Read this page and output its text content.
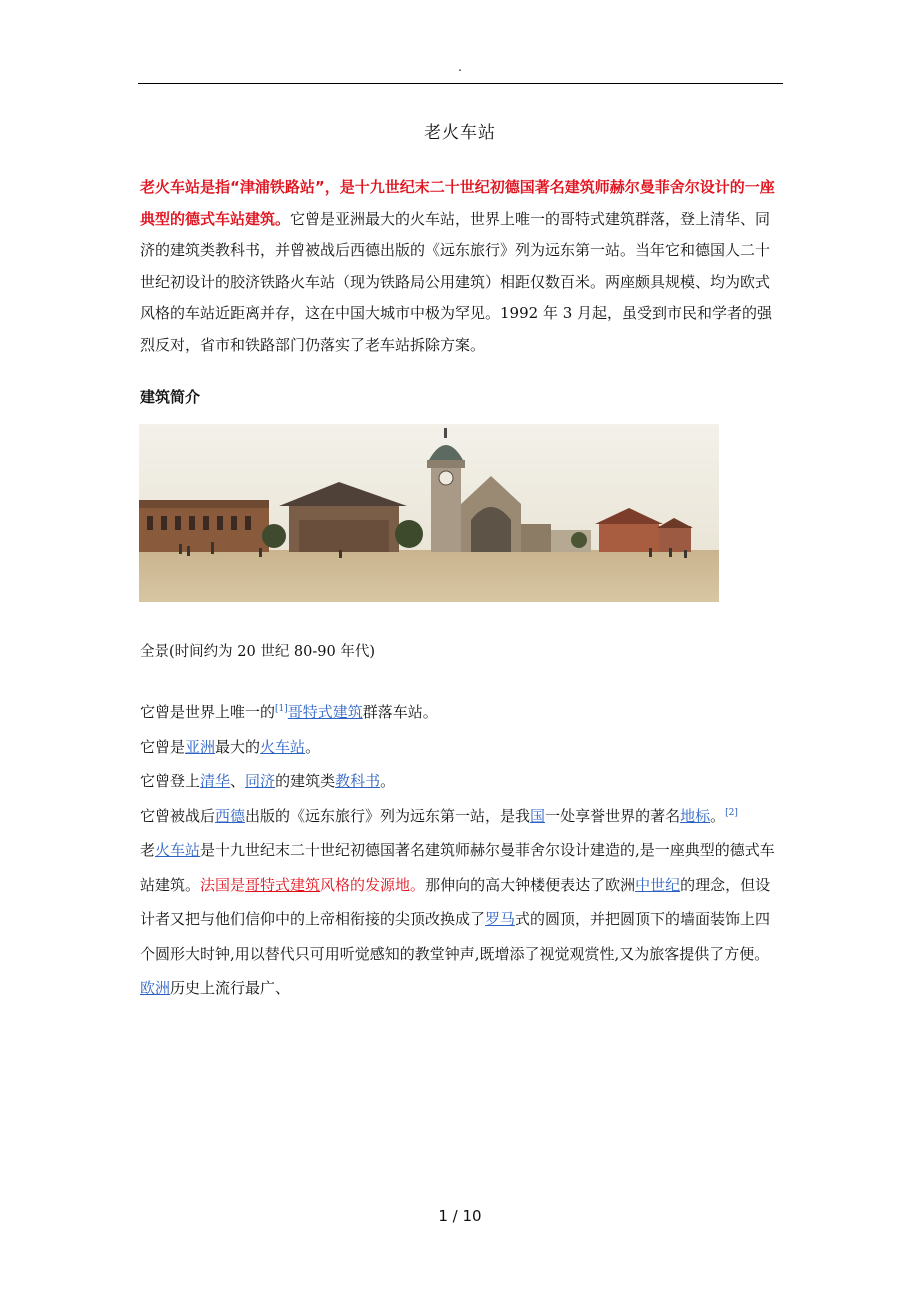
.
老火车站
老火车站是指“津浦铁路站”，是十九世纪末二十世纪初德国著名建筑师赫尔曼菲舍尔设计的一座典型的德式车站建筑。它曾是亚洲最大的火车站，世界上唯一的哥特式建筑群落，登上清华、同济的建筑类教科书，并曾被战后西德出版的《远东旅行》列为远东第一站。当年它和德国人二十世纪初设计的胶济铁路火车站（现为铁路局公用建筑）相距仅数百米。两座颇具规模、均为欧式风格的车站近距离并存，这在中国大城市中极为罕见。1992 年 3 月起，虽受到市民和学者的强烈反对，省市和铁路部门仍落实了老车站拆除方案。
建筑简介
全景(时间约为 20 世纪 80-90 年代)

它曾是世界上唯一的[1]哥特式建筑群落车站。

它曾是亚洲最大的火车站。

它曾登上清华、同济的建筑类教科书。

它曾被战后西德出版的《远东旅行》列为远东第一站，是我国一处享誉世界的著名地标。[2]

老火车站是十九世纪末二十世纪初德国著名建筑师赫尔曼菲舍尔设计建造的,是一座典型的德式车站建筑。法国是哥特式建筑风格的发源地。那伸向的高大钟楼便表达了欧洲中世纪的理念，但设计者又把与他们信仰中的上帝相衔接的尖顶改换成了罗马式的圆顶，并把圆顶下的墙面装饰上四个圆形大时钟,用以替代只可用听觉感知的教堂钟声,既增添了视觉观赏性,又为旅客提供了方便。

欧洲历史上流行最广、

1 / 10
